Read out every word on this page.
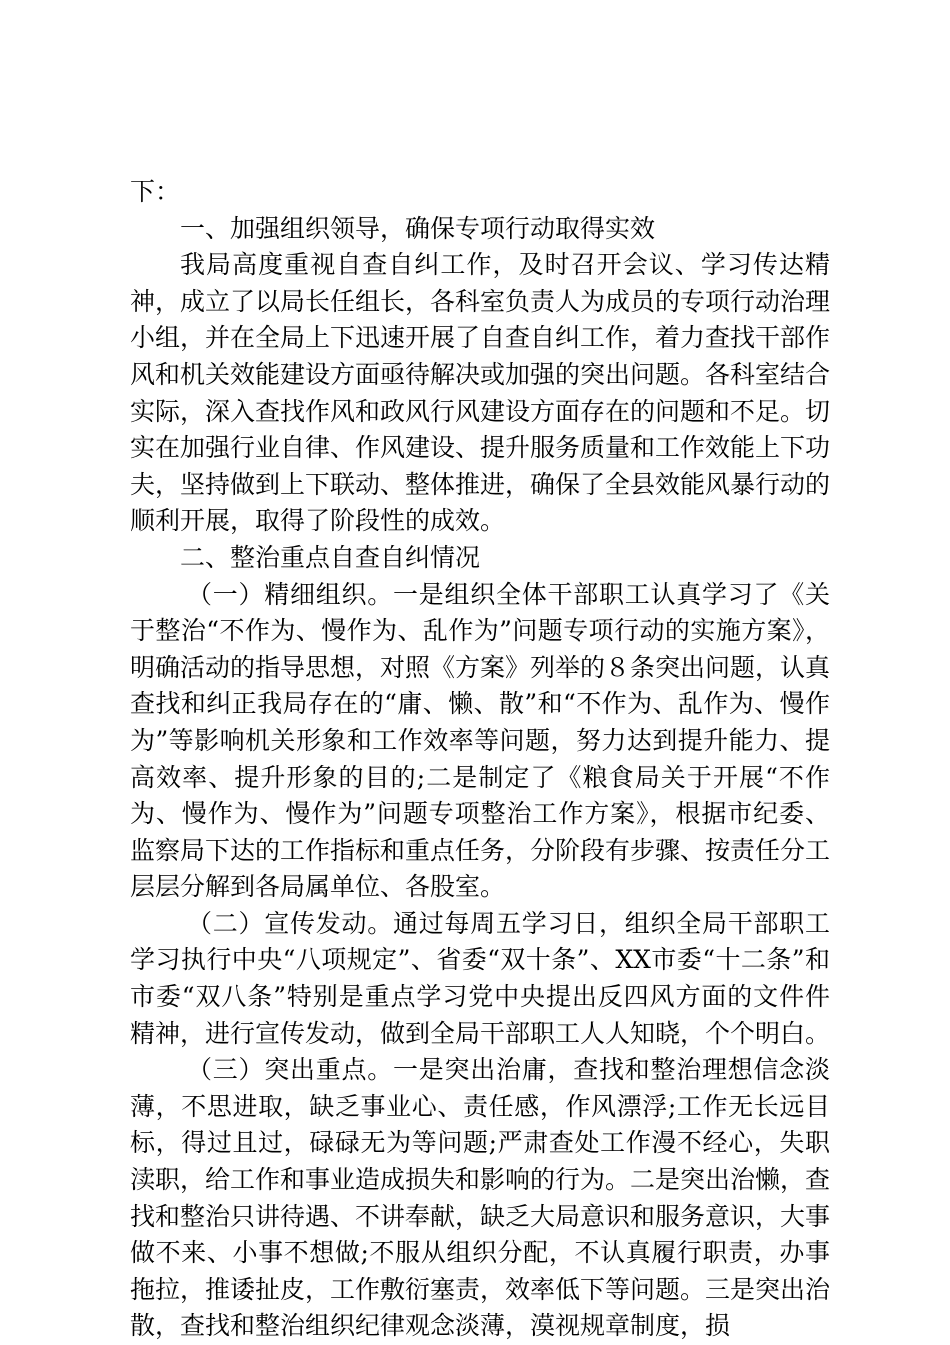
下：

一、加强组织领导，确保专项行动取得实效

我局高度重视自查自纠工作，及时召开会议、学习传达精神，成立了以局长任组长，各科室负责人为成员的专项行动治理小组，并在全局上下迅速开展了自查自纠工作，着力查找干部作风和机关效能建设方面亟待解决或加强的突出问题。各科室结合实际，深入查找作风和政风行风建设方面存在的问题和不足。切实在加强行业自律、作风建设、提升服务质量和工作效能上下功夫，坚持做到上下联动、整体推进，确保了全县效能风暴行动的顺利开展，取得了阶段性的成效。

二、整治重点自查自纠情况

（一）精细组织。一是组织全体干部职工认真学习了《关于整治“不作为、慢作为、乱作为”问题专项行动的实施方案》，明确活动的指导思想，对照《方案》列举的８条突出问题，认真查找和纠正我局存在的“庸、懒、散”和“不作为、乱作为、慢作为”等影响机关形象和工作效率等问题，努力达到提升能力、提高效率、提升形象的目的;二是制定了《粮食局关于开展“不作为、慢作为、慢作为”问题专项整治工作方案》，根据市纪委、监察局下达的工作指标和重点任务，分阶段有步骤、按责任分工层层分解到各局属单位、各股室。

（二）宣传发动。通过每周五学习日，组织全局干部职工学习执行中央“八项规定”、省委“双十条”、XX市委“十二条”和市委“双八条”特别是重点学习党中央提出反四风方面的文件件精神，进行宣传发动，做到全局干部职工人人知晓，个个明白。

（三）突出重点。一是突出治庸，查找和整治理想信念淡薄，不思进取，缺乏事业心、责任感，作风漂浮;工作无长远目标，得过且过，碌碌无为等问题;严肃查处工作漫不经心，失职渎职，给工作和事业造成损失和影响的行为。二是突出治懒，查找和整治只讲待遇、不讲奉献，缺乏大局意识和服务意识，大事做不来、小事不想做;不服从组织分配，不认真履行职责，办事拖拉，推诿扯皮，工作敷衍塞责，效率低下等问题。三是突出治散，查找和整治组织纪律观念淡薄，漠视规章制度，损
